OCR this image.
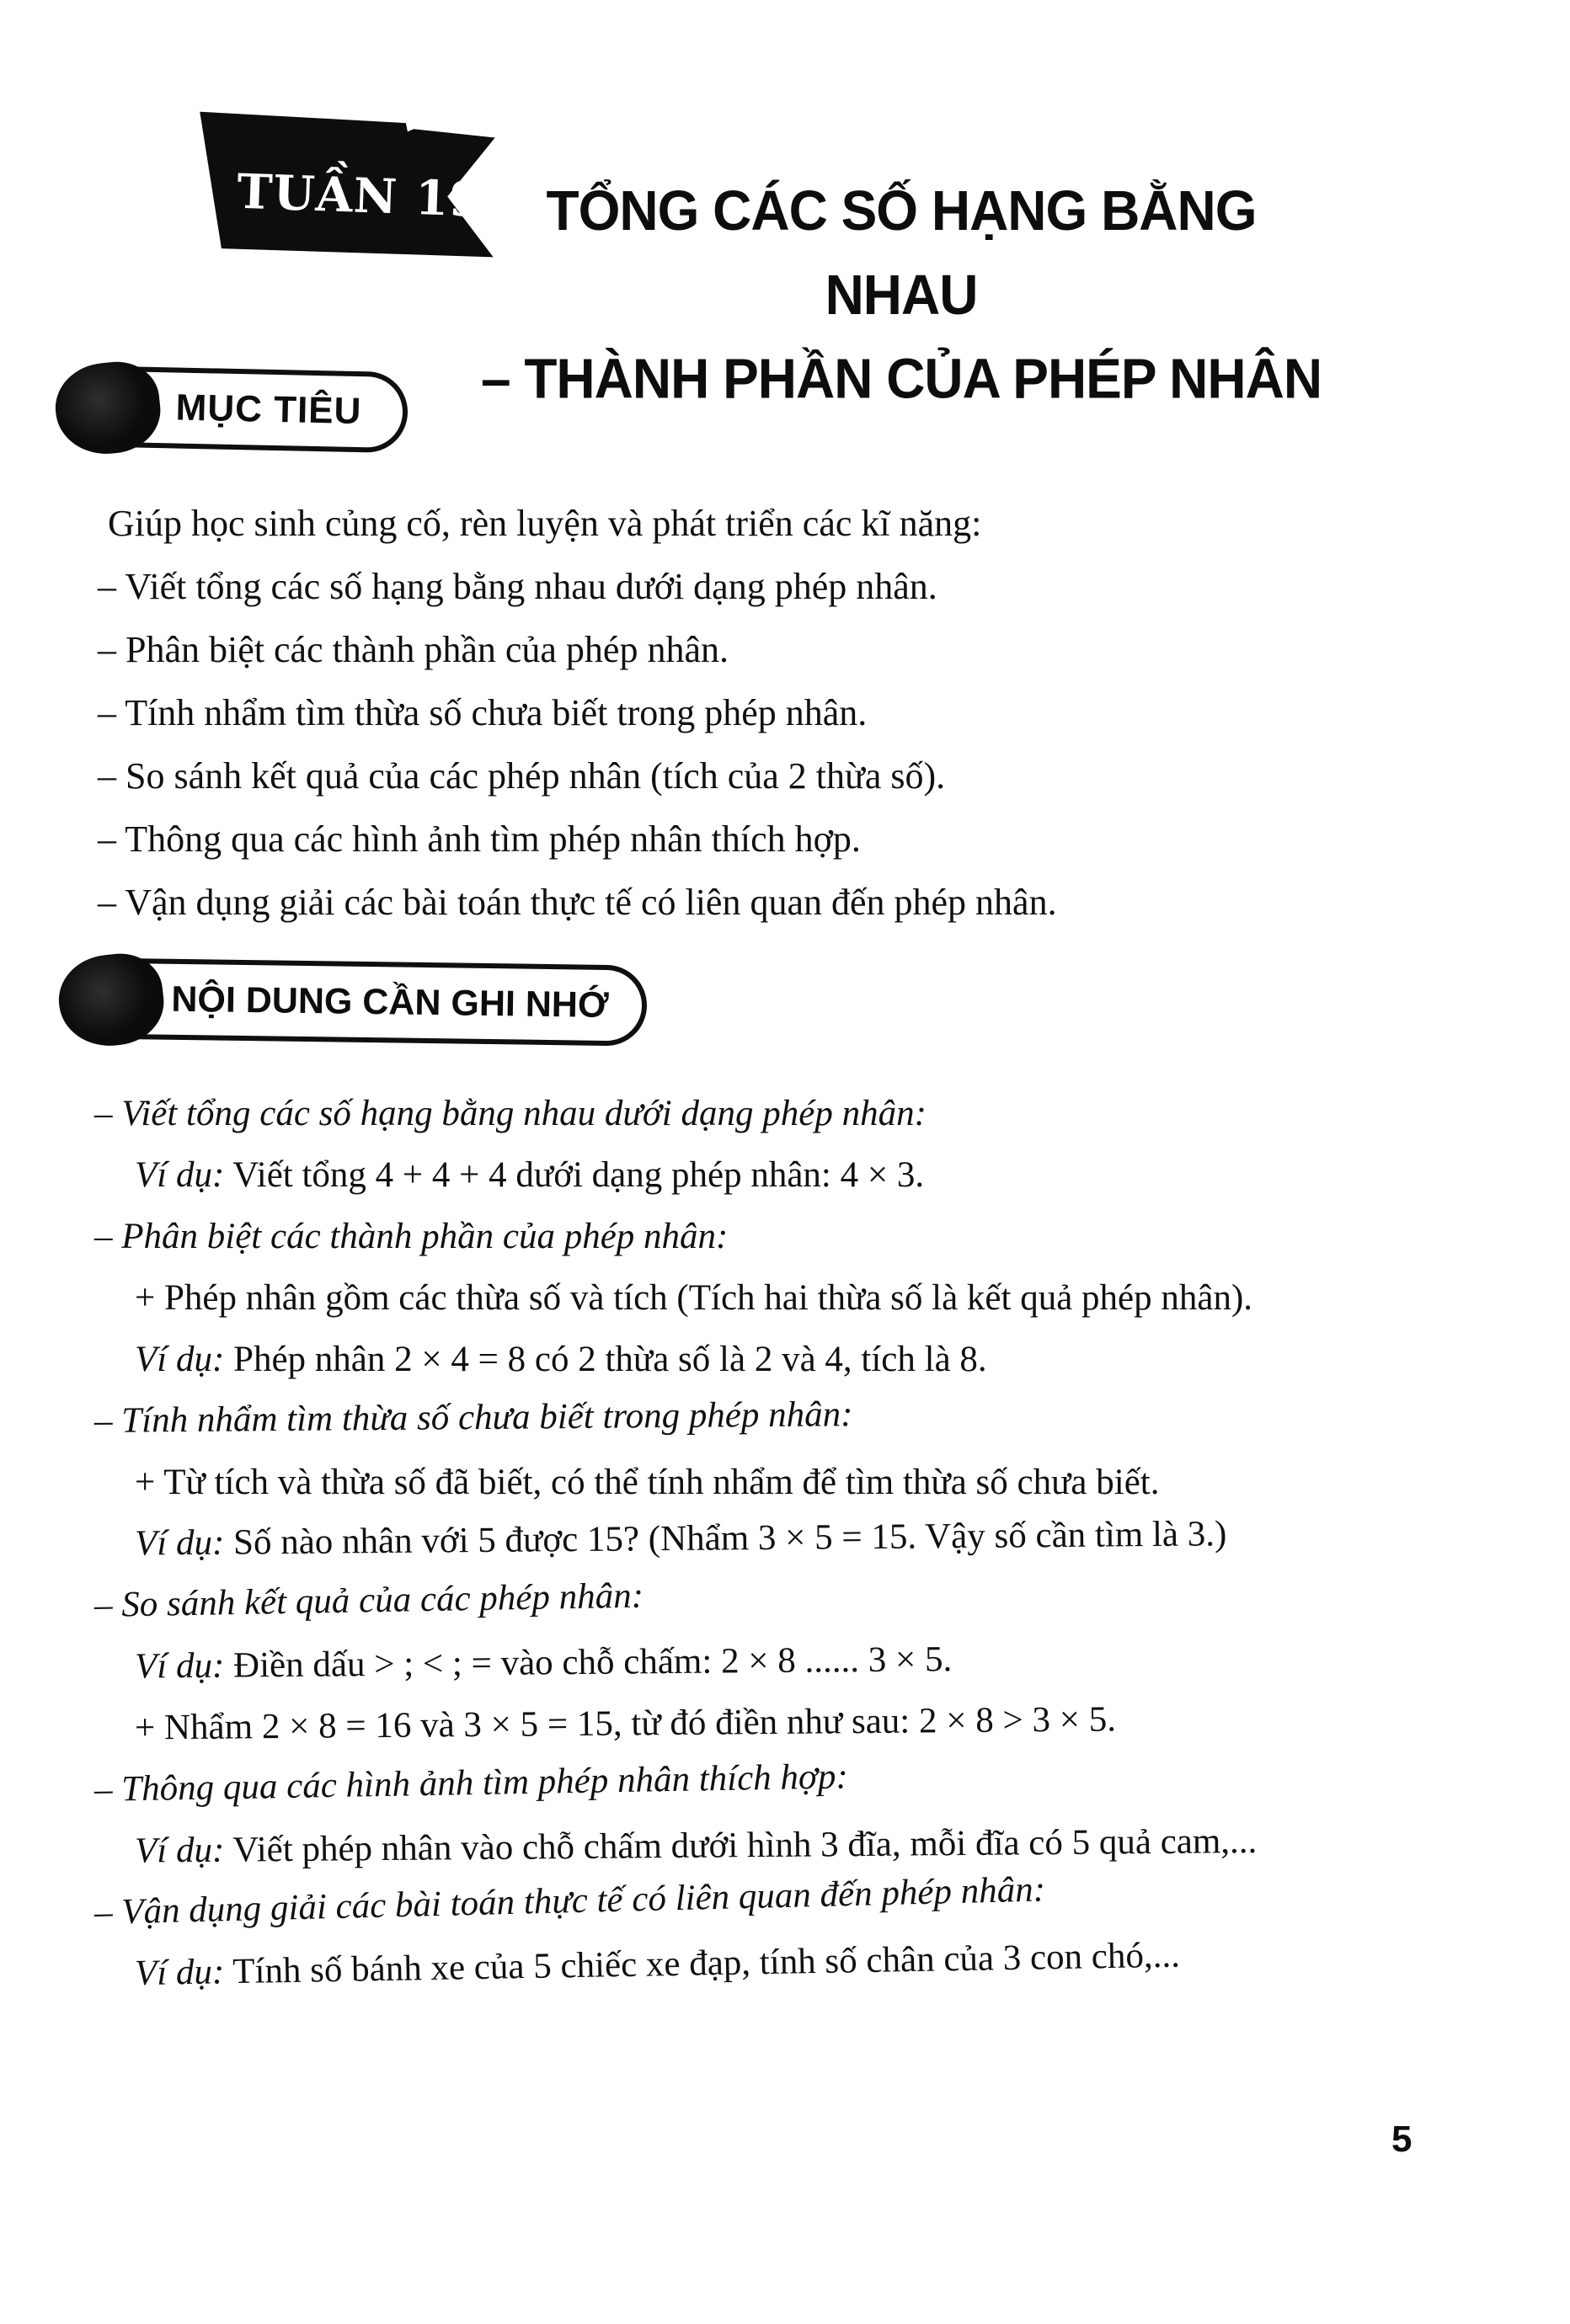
TUẦN 19	TỔNG CÁC SỐ HẠNG BẰNG NHAU
– THÀNH PHẦN CỦA PHÉP NHÂN
MỤC TIÊU
Giúp học sinh củng cố, rèn luyện và phát triển các kĩ năng:
– Viết tổng các số hạng bằng nhau dưới dạng phép nhân.
– Phân biệt các thành phần của phép nhân.
– Tính nhẩm tìm thừa số chưa biết trong phép nhân.
– So sánh kết quả của các phép nhân (tích của 2 thừa số).
– Thông qua các hình ảnh tìm phép nhân thích hợp.
– Vận dụng giải các bài toán thực tế có liên quan đến phép nhân.
NỘI DUNG CẦN GHI NHỚ
– Viết tổng các số hạng bằng nhau dưới dạng phép nhân:
Ví dụ: Viết tổng 4 + 4 + 4 dưới dạng phép nhân: 4 × 3.
– Phân biệt các thành phần của phép nhân:
+ Phép nhân gồm các thừa số và tích (Tích hai thừa số là kết quả phép nhân).
Ví dụ: Phép nhân 2 × 4 = 8 có 2 thừa số là 2 và 4, tích là 8.
– Tính nhẩm tìm thừa số chưa biết trong phép nhân:
+ Từ tích và thừa số đã biết, có thể tính nhẩm để tìm thừa số chưa biết.
Ví dụ: Số nào nhân với 5 được 15? (Nhẩm 3 × 5 = 15. Vậy số cần tìm là 3.)
– So sánh kết quả của các phép nhân:
Ví dụ: Điền dấu > ; < ; = vào chỗ chấm: 2 × 8 ...... 3 × 5.
+ Nhẩm 2 × 8 = 16 và 3 × 5 = 15, từ đó điền như sau: 2 × 8 > 3 × 5.
– Thông qua các hình ảnh tìm phép nhân thích hợp:
Ví dụ: Viết phép nhân vào chỗ chấm dưới hình 3 đĩa, mỗi đĩa có 5 quả cam,...
– Vận dụng giải các bài toán thực tế có liên quan đến phép nhân:
Ví dụ: Tính số bánh xe của 5 chiếc xe đạp, tính số chân của 3 con chó,...
5
